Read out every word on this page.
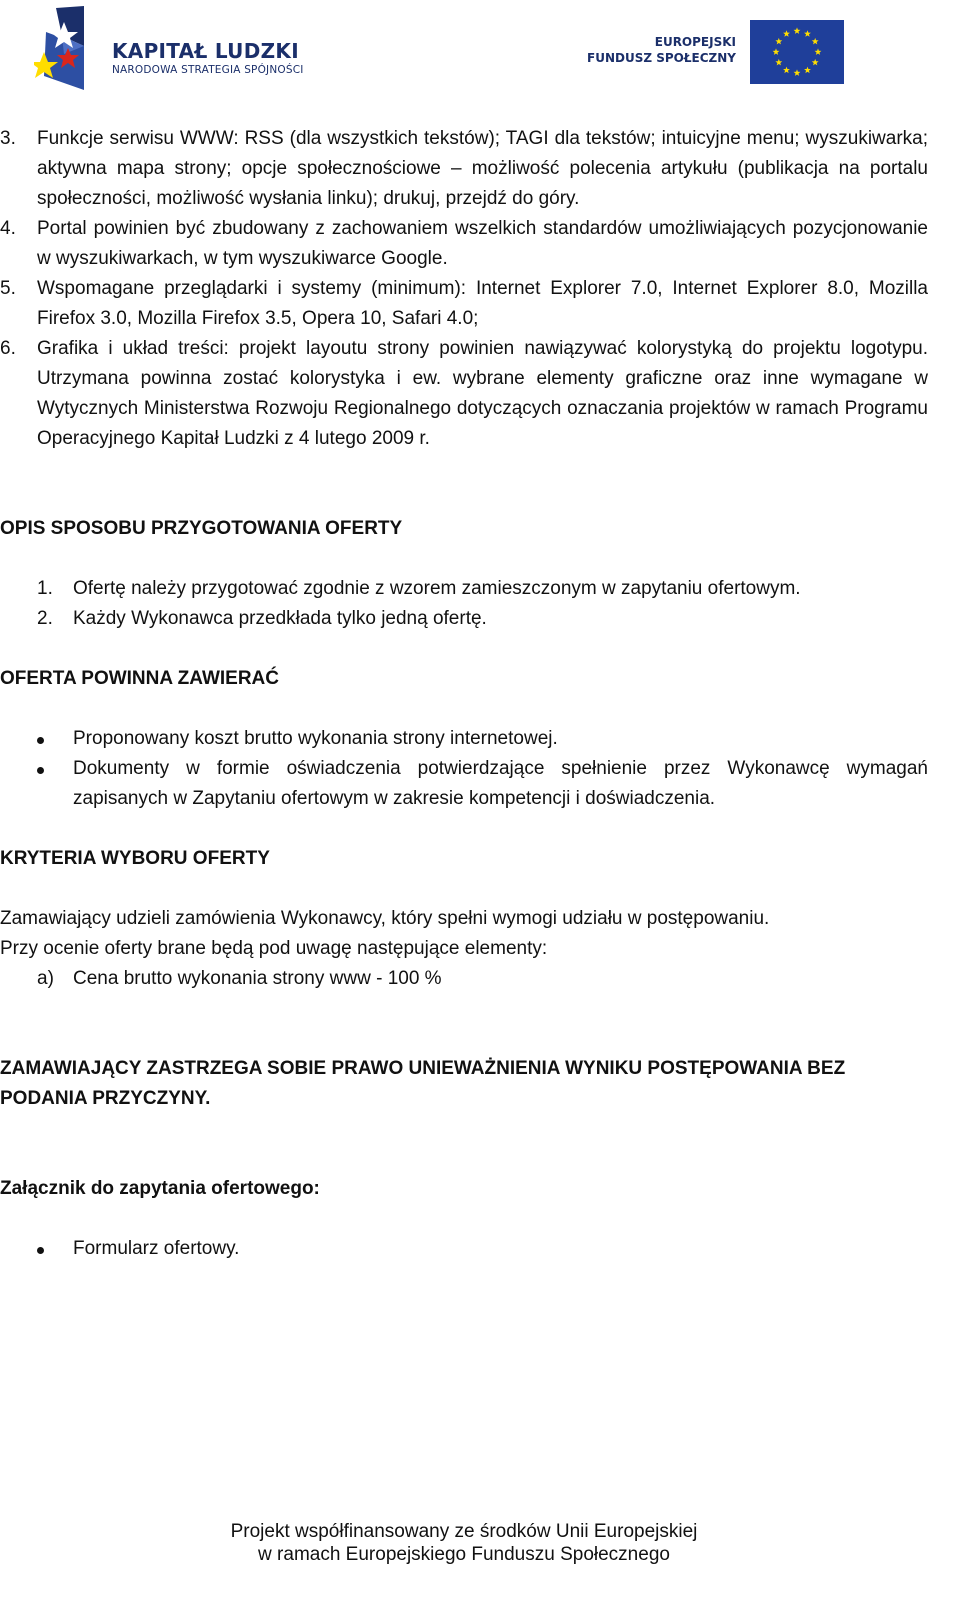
KAPITAŁ LUDZKI
NARODOWA STRATEGIA SPÓJNOŚCI
EUROPEJSKI
FUNDUSZ SPOŁECZNY
3. Funkcje serwisu WWW: RSS (dla wszystkich tekstów); TAGI dla tekstów; intuicyjne menu; wyszukiwarka; aktywna mapa strony; opcje społecznościowe – możliwość polecenia artykułu (publikacja na portalu społeczności, możliwość wysłania linku); drukuj, przejdź do góry.
4. Portal powinien być zbudowany z zachowaniem wszelkich standardów umożliwiających pozycjonowanie w wyszukiwarkach, w tym wyszukiwarce Google.
5. Wspomagane przeglądarki i systemy (minimum): Internet Explorer 7.0, Internet Explorer 8.0, Mozilla Firefox 3.0, Mozilla Firefox 3.5, Opera 10, Safari 4.0;
6. Grafika i układ treści: projekt layoutu strony powinien nawiązywać kolorystyką do projektu logotypu. Utrzymana powinna zostać kolorystyka i ew. wybrane elementy graficzne oraz inne wymagane w Wytycznych Ministerstwa Rozwoju Regionalnego dotyczących oznaczania projektów w ramach Programu Operacyjnego Kapitał Ludzki z 4 lutego 2009 r.

OPIS SPOSOBU PRZYGOTOWANIA OFERTY

1. Ofertę należy przygotować zgodnie z wzorem zamieszczonym w zapytaniu ofertowym.
2. Każdy Wykonawca przedkłada tylko jedną ofertę.

OFERTA POWINNA ZAWIERAĆ

Proponowany koszt brutto wykonania strony internetowej.
Dokumenty w formie oświadczenia potwierdzające spełnienie przez Wykonawcę wymagań zapisanych w Zapytaniu ofertowym w zakresie kompetencji i doświadczenia.

KRYTERIA WYBORU OFERTY

Zamawiający udzieli zamówienia Wykonawcy, który spełni wymogi udziału w postępowaniu.

Przy ocenie oferty brane będą pod uwagę następujące elementy:

a) Cena brutto wykonania strony www - 100 %

ZAMAWIAJĄCY ZASTRZEGA SOBIE PRAWO UNIEWAŻNIENIA WYNIKU POSTĘPOWANIA BEZ PODANIA PRZYCZYNY.

Załącznik do zapytania ofertowego:

Formularz ofertowy.
Projekt współfinansowany ze środków Unii Europejskiej
w ramach Europejskiego Funduszu Społecznego
